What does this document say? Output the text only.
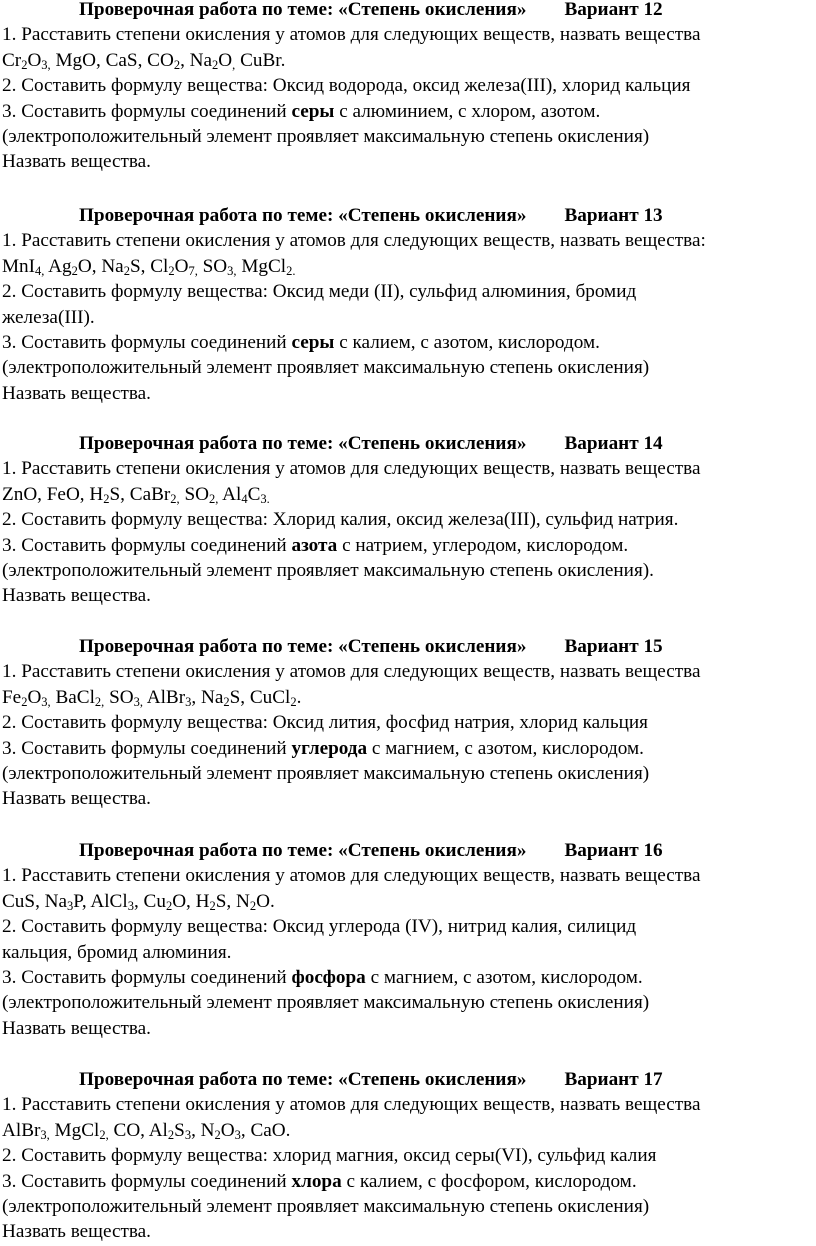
Проверочная работа по теме: «Степень окисления» Вариант 12
1. Расставить степени окисления у атомов для следующих веществ, назвать вещества
$Cr_2O_{3,}$ MgO, CaS, $CO_2$, $Na_2O_,$ CuBr.
2. Составить формулу вещества: Оксид водорода, оксид железа(III), хлорид кальция
3. Составить формулы соединений серы с алюминием, с хлором, азотом.
(электроположительный элемент проявляет максимальную степень окисления)
Назвать вещества.
Проверочная работа по теме: «Степень окисления» Вариант 13
1. Расставить степени окисления у атомов для следующих веществ, назвать вещества:
MnI$_{4,}$ $Ag_2O$, $Na_2S$, $Cl_2O_{7,}$ $SO_{3,}$ MgCl$_{2.}$
2. Составить формулу вещества: Оксид меди (II), сульфид алюминия, бромид
железа(III).
3. Составить формулы соединений серы с калием, с азотом, кислородом.
(электроположительный элемент проявляет максимальную степень окисления)
Назвать вещества.
Проверочная работа по теме: «Степень окисления» Вариант 14
1. Расставить степени окисления у атомов для следующих веществ, назвать вещества
ZnO, FeO, $H_2S$, CaBr$_{2,}$ $SO_{2,}$ $Al_4C_{3.}$
2. Составить формулу вещества: Хлорид калия, оксид железа(III), сульфид натрия.
3. Составить формулы соединений азота с натрием, углеродом, кислородом.
(электроположительный элемент проявляет максимальную степень окисления).
Назвать вещества.
Проверочная работа по теме: «Степень окисления» Вариант 15
1. Расставить степени окисления у атомов для следующих веществ, назвать вещества
$Fe_2O_{3,}$ BaCl$_{2,}$ $SO_{3,}$ AlBr$_3$, $Na_2S$, CuCl$_2$.
2. Составить формулу вещества: Оксид лития, фосфид натрия, хлорид кальция
3. Составить формулы соединений углерода с магнием, с азотом, кислородом.
(электроположительный элемент проявляет максимальную степень окисления)
Назвать вещества.
Проверочная работа по теме: «Степень окисления» Вариант 16
1. Расставить степени окисления у атомов для следующих веществ, назвать вещества
CuS, $Na_3P$, AlCl$_3$, $Cu_2O$, $H_2S$, $N_2O$.
2. Составить формулу вещества: Оксид углерода (IV), нитрид калия, силицид
кальция, бромид алюминия.
3. Составить формулы соединений фосфора с магнием, с азотом, кислородом.
(электроположительный элемент проявляет максимальную степень окисления)
Назвать вещества.
Проверочная работа по теме: «Степень окисления» Вариант 17
1. Расставить степени окисления у атомов для следующих веществ, назвать вещества
AlBr$_{3,}$ MgCl$_{2,}$ CO, $Al_2S_3$, $N_2O_3$, CaO.
2. Составить формулу вещества: хлорид магния, оксид серы(VI), сульфид калия
3. Составить формулы соединений хлора с калием, с фосфором, кислородом.
(электроположительный элемент проявляет максимальную степень окисления)
Назвать вещества.
